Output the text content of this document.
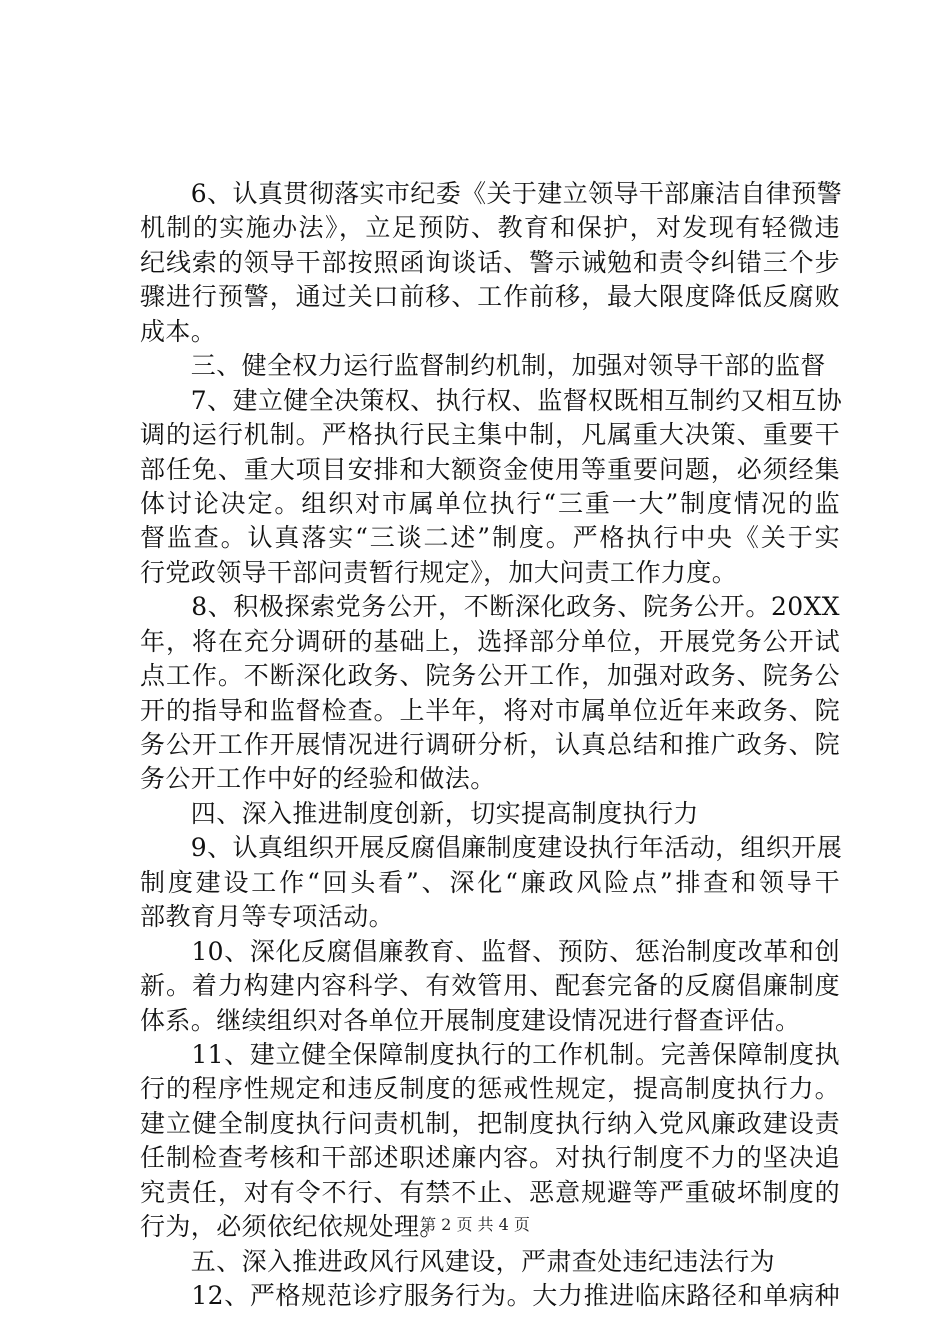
　　6、认真贯彻落实市纪委《关于建立领导干部廉洁自律预警
机制的实施办法》，立足预防、教育和保护，对发现有轻微违
纪线索的领导干部按照函询谈话、警示诫勉和责令纠错三个步
骤进行预警，通过关口前移、工作前移，最大限度降低反腐败
成本。
　　三、健全权力运行监督制约机制，加强对领导干部的监督
　　7、建立健全决策权、执行权、监督权既相互制约又相互协
调的运行机制。严格执行民主集中制，凡属重大决策、重要干
部任免、重大项目安排和大额资金使用等重要问题，必须经集
体讨论决定。组织对市属单位执行“三重一大”制度情况的监
督监查。认真落实“三谈二述”制度。严格执行中央《关于实
行党政领导干部问责暂行规定》，加大问责工作力度。
　　8、积极探索党务公开，不断深化政务、院务公开。20XX
年，将在充分调研的基础上，选择部分单位，开展党务公开试
点工作。不断深化政务、院务公开工作，加强对政务、院务公
开的指导和监督检查。上半年，将对市属单位近年来政务、院
务公开工作开展情况进行调研分析，认真总结和推广政务、院
务公开工作中好的经验和做法。
　　四、深入推进制度创新，切实提高制度执行力
　　9、认真组织开展反腐倡廉制度建设执行年活动，组织开展
制度建设工作“回头看”、深化“廉政风险点”排查和领导干
部教育月等专项活动。
　　10、深化反腐倡廉教育、监督、预防、惩治制度改革和创
新。着力构建内容科学、有效管用、配套完备的反腐倡廉制度
体系。继续组织对各单位开展制度建设情况进行督查评估。
　　11、建立健全保障制度执行的工作机制。完善保障制度执
行的程序性规定和违反制度的惩戒性规定，提高制度执行力。
建立健全制度执行问责机制，把制度执行纳入党风廉政建设责
任制检查考核和干部述职述廉内容。对执行制度不力的坚决追
究责任，对有令不行、有禁不止、恶意规避等严重破坏制度的
行为，必须依纪依规处理。
　　五、深入推进政风行风建设，严肃查处违纪违法行为
　　12、严格规范诊疗服务行为。大力推进临床路径和单病种
第 2 页 共 4 页
